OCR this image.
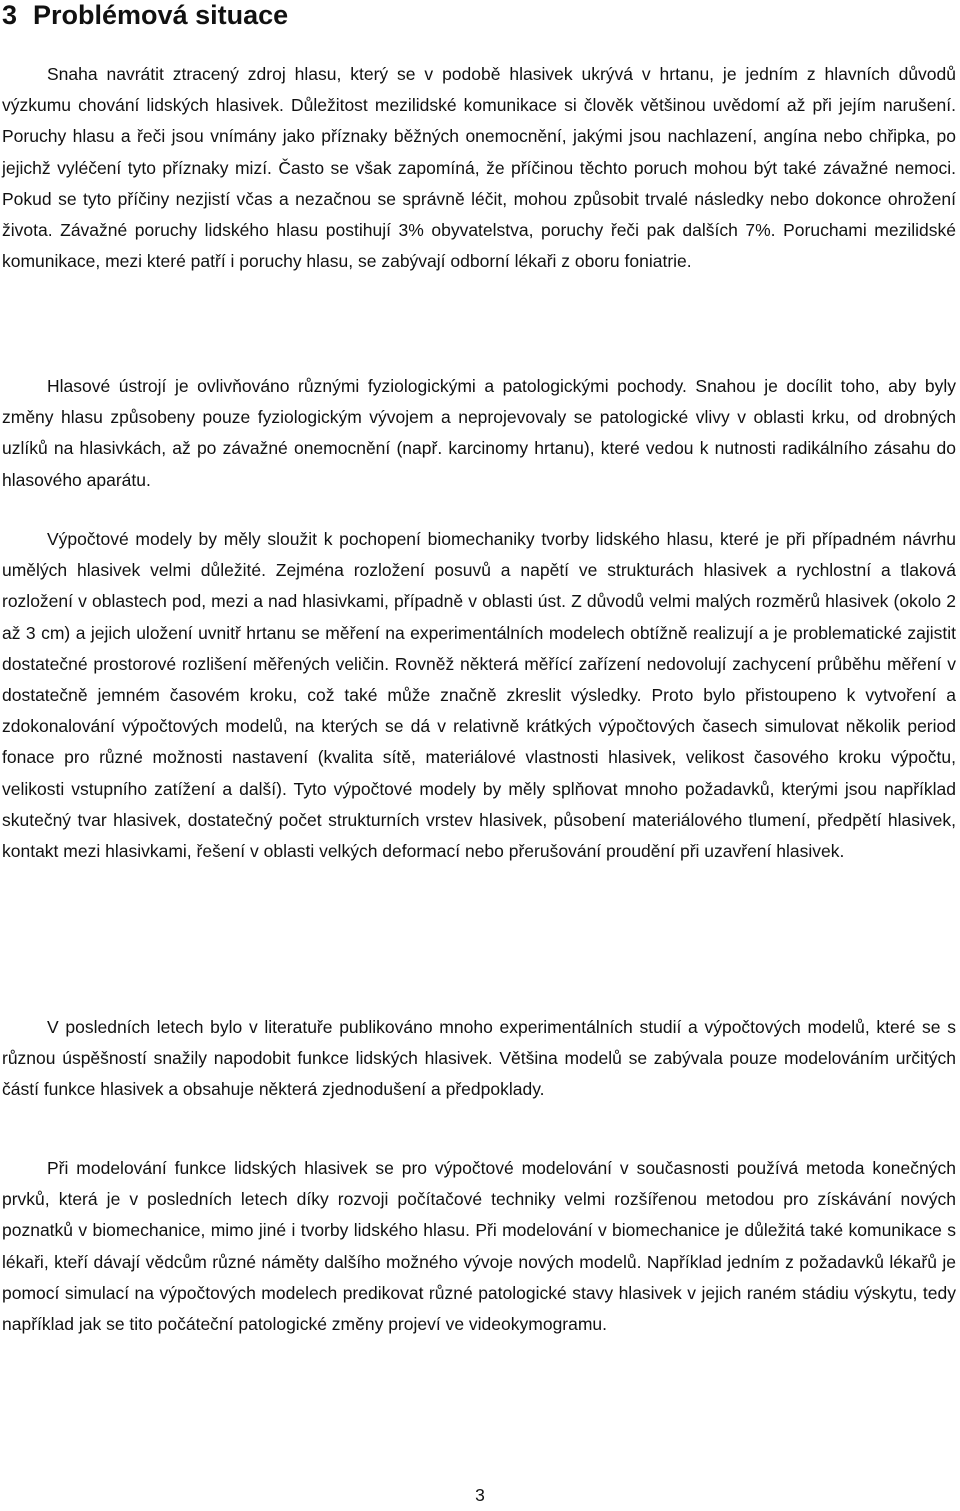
3 Problémová situace

Snaha navrátit ztracený zdroj hlasu, který se v podobě hlasivek ukrývá v hrtanu, je jedním z hlavních důvodů výzkumu chování lidských hlasivek. Důležitost mezilidské komunikace si člověk většinou uvědomí až při jejím narušení. Poruchy hlasu a řeči jsou vnímány jako příznaky běžných onemocnění, jakými jsou nachlazení, angína nebo chřipka, po jejichž vyléčení tyto příznaky mizí. Často se však zapomíná, že příčinou těchto poruch mohou být také závažné nemoci. Pokud se tyto příčiny nezjistí včas a nezačnou se správně léčit, mohou způsobit trvalé následky nebo dokonce ohrožení života. Závažné poruchy lidského hlasu postihují 3% obyvatelstva, poruchy řeči pak dalších 7%. Poruchami mezilidské komunikace, mezi které patří i poruchy hlasu, se zabývají odborní lékaři z oboru foniatrie.

Hlasové ústrojí je ovlivňováno různými fyziologickými a patologickými pochody. Snahou je docílit toho, aby byly změny hlasu způsobeny pouze fyziologickým vývojem a neprojevovaly se patologické vlivy v oblasti krku, od drobných uzlíků na hlasivkách, až po závažné onemocnění (např. karcinomy hrtanu), které vedou k nutnosti radikálního zásahu do hlasového aparátu.

Výpočtové modely by měly sloužit k pochopení biomechaniky tvorby lidského hlasu, které je při případném návrhu umělých hlasivek velmi důležité. Zejména rozložení posuvů a napětí ve strukturách hlasivek a rychlostní a tlaková rozložení v oblastech pod, mezi a nad hlasivkami, případně v oblasti úst. Z důvodů velmi malých rozměrů hlasivek (okolo 2 až 3 cm) a jejich uložení uvnitř hrtanu se měření na experimentálních modelech obtížně realizují a je problematické zajistit dostatečné prostorové rozlišení měřených veličin. Rovněž některá měřící zařízení nedovolují zachycení průběhu měření v dostatečně jemném časovém kroku, což také může značně zkreslit výsledky. Proto bylo přistoupeno k vytvoření a zdokonalování výpočtových modelů, na kterých se dá v relativně krátkých výpočtových časech simulovat několik period fonace pro různé možnosti nastavení (kvalita sítě, materiálové vlastnosti hlasivek, velikost časového kroku výpočtu, velikosti vstupního zatížení a další). Tyto výpočtové modely by měly splňovat mnoho požadavků, kterými jsou například skutečný tvar hlasivek, dostatečný počet strukturních vrstev hlasivek, působení materiálového tlumení, předpětí hlasivek, kontakt mezi hlasivkami, řešení v oblasti velkých deformací nebo přerušování proudění při uzavření hlasivek.

V posledních letech bylo v literatuře publikováno mnoho experimentálních studií a výpočtových modelů, které se s různou úspěšností snažily napodobit funkce lidských hlasivek. Většina modelů se zabývala pouze modelováním určitých částí funkce hlasivek a obsahuje některá zjednodušení a předpoklady.

Při modelování funkce lidských hlasivek se pro výpočtové modelování v současnosti používá metoda konečných prvků, která je v posledních letech díky rozvoji počítačové techniky velmi rozšířenou metodou pro získávání nových poznatků v biomechanice, mimo jiné i tvorby lidského hlasu. Při modelování v biomechanice je důležitá také komunikace s lékaři, kteří dávají vědcům různé náměty dalšího možného vývoje nových modelů. Například jedním z požadavků lékařů je pomocí simulací na výpočtových modelech predikovat různé patologické stavy hlasivek v jejich raném stádiu výskytu, tedy například jak se tito počáteční patologické změny projeví ve videokymogramu.

3
